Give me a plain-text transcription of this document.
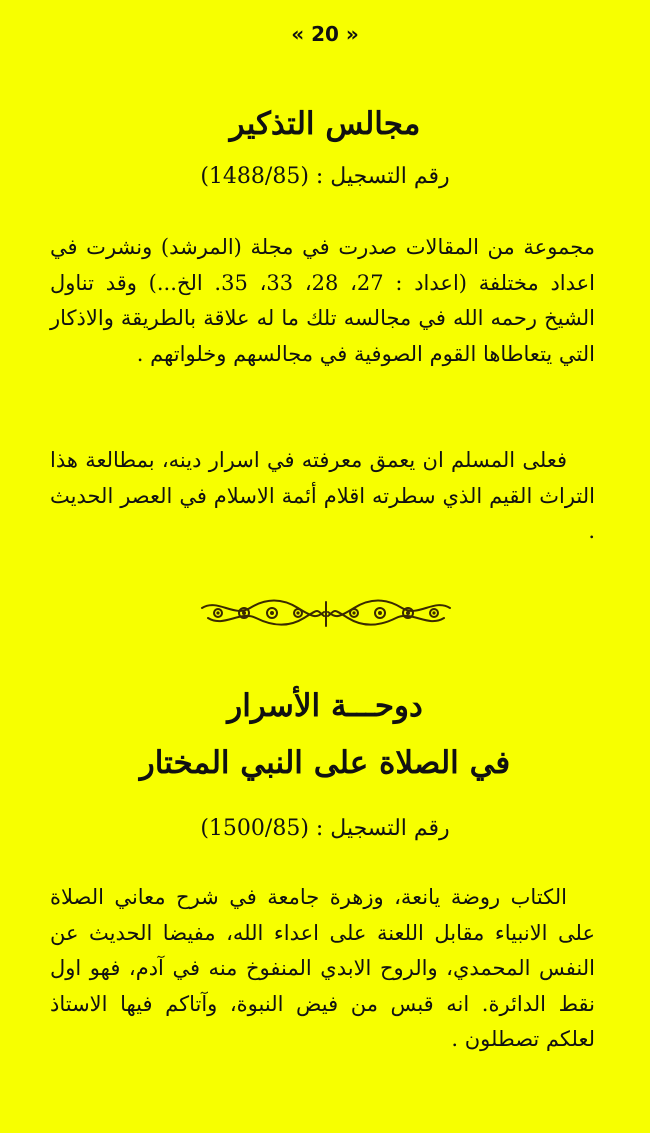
« 20 »
مجالس التذكير
رقم التسجيل : (1488/85)

مجموعة من المقالات صدرت في مجلة (المرشد) ونشرت في اعداد مختلفة (اعداد : 27، 28، 33، 35. الخ...) وقد تناول الشيخ رحمه الله في مجالسه تلك ما له علاقة بالطريقة والاذكار التي يتعاطاها القوم الصوفية في مجالسهم وخلواتهم .

فعلى المسلم ان يعمق معرفته في اسرار دينه، بمطالعة هذا التراث القيم الذي سطرته اقلام أئمة الاسلام في العصر الحديث .

دوحـــة الأسرار
في الصلاة على النبي المختار
رقم التسجيل : (1500/85)

الكتاب روضة يانعة، وزهرة جامعة في شرح معاني الصلاة على الانبياء مقابل اللعنة على اعداء الله، مفيضا الحديث عن النفس المحمدي، والروح الابدي المنفوخ منه في آدم، فهو اول نقط الدائرة. انه قبس من فيض النبوة، وآتاكم فيها الاستاذ لعلكم تصطلون .
